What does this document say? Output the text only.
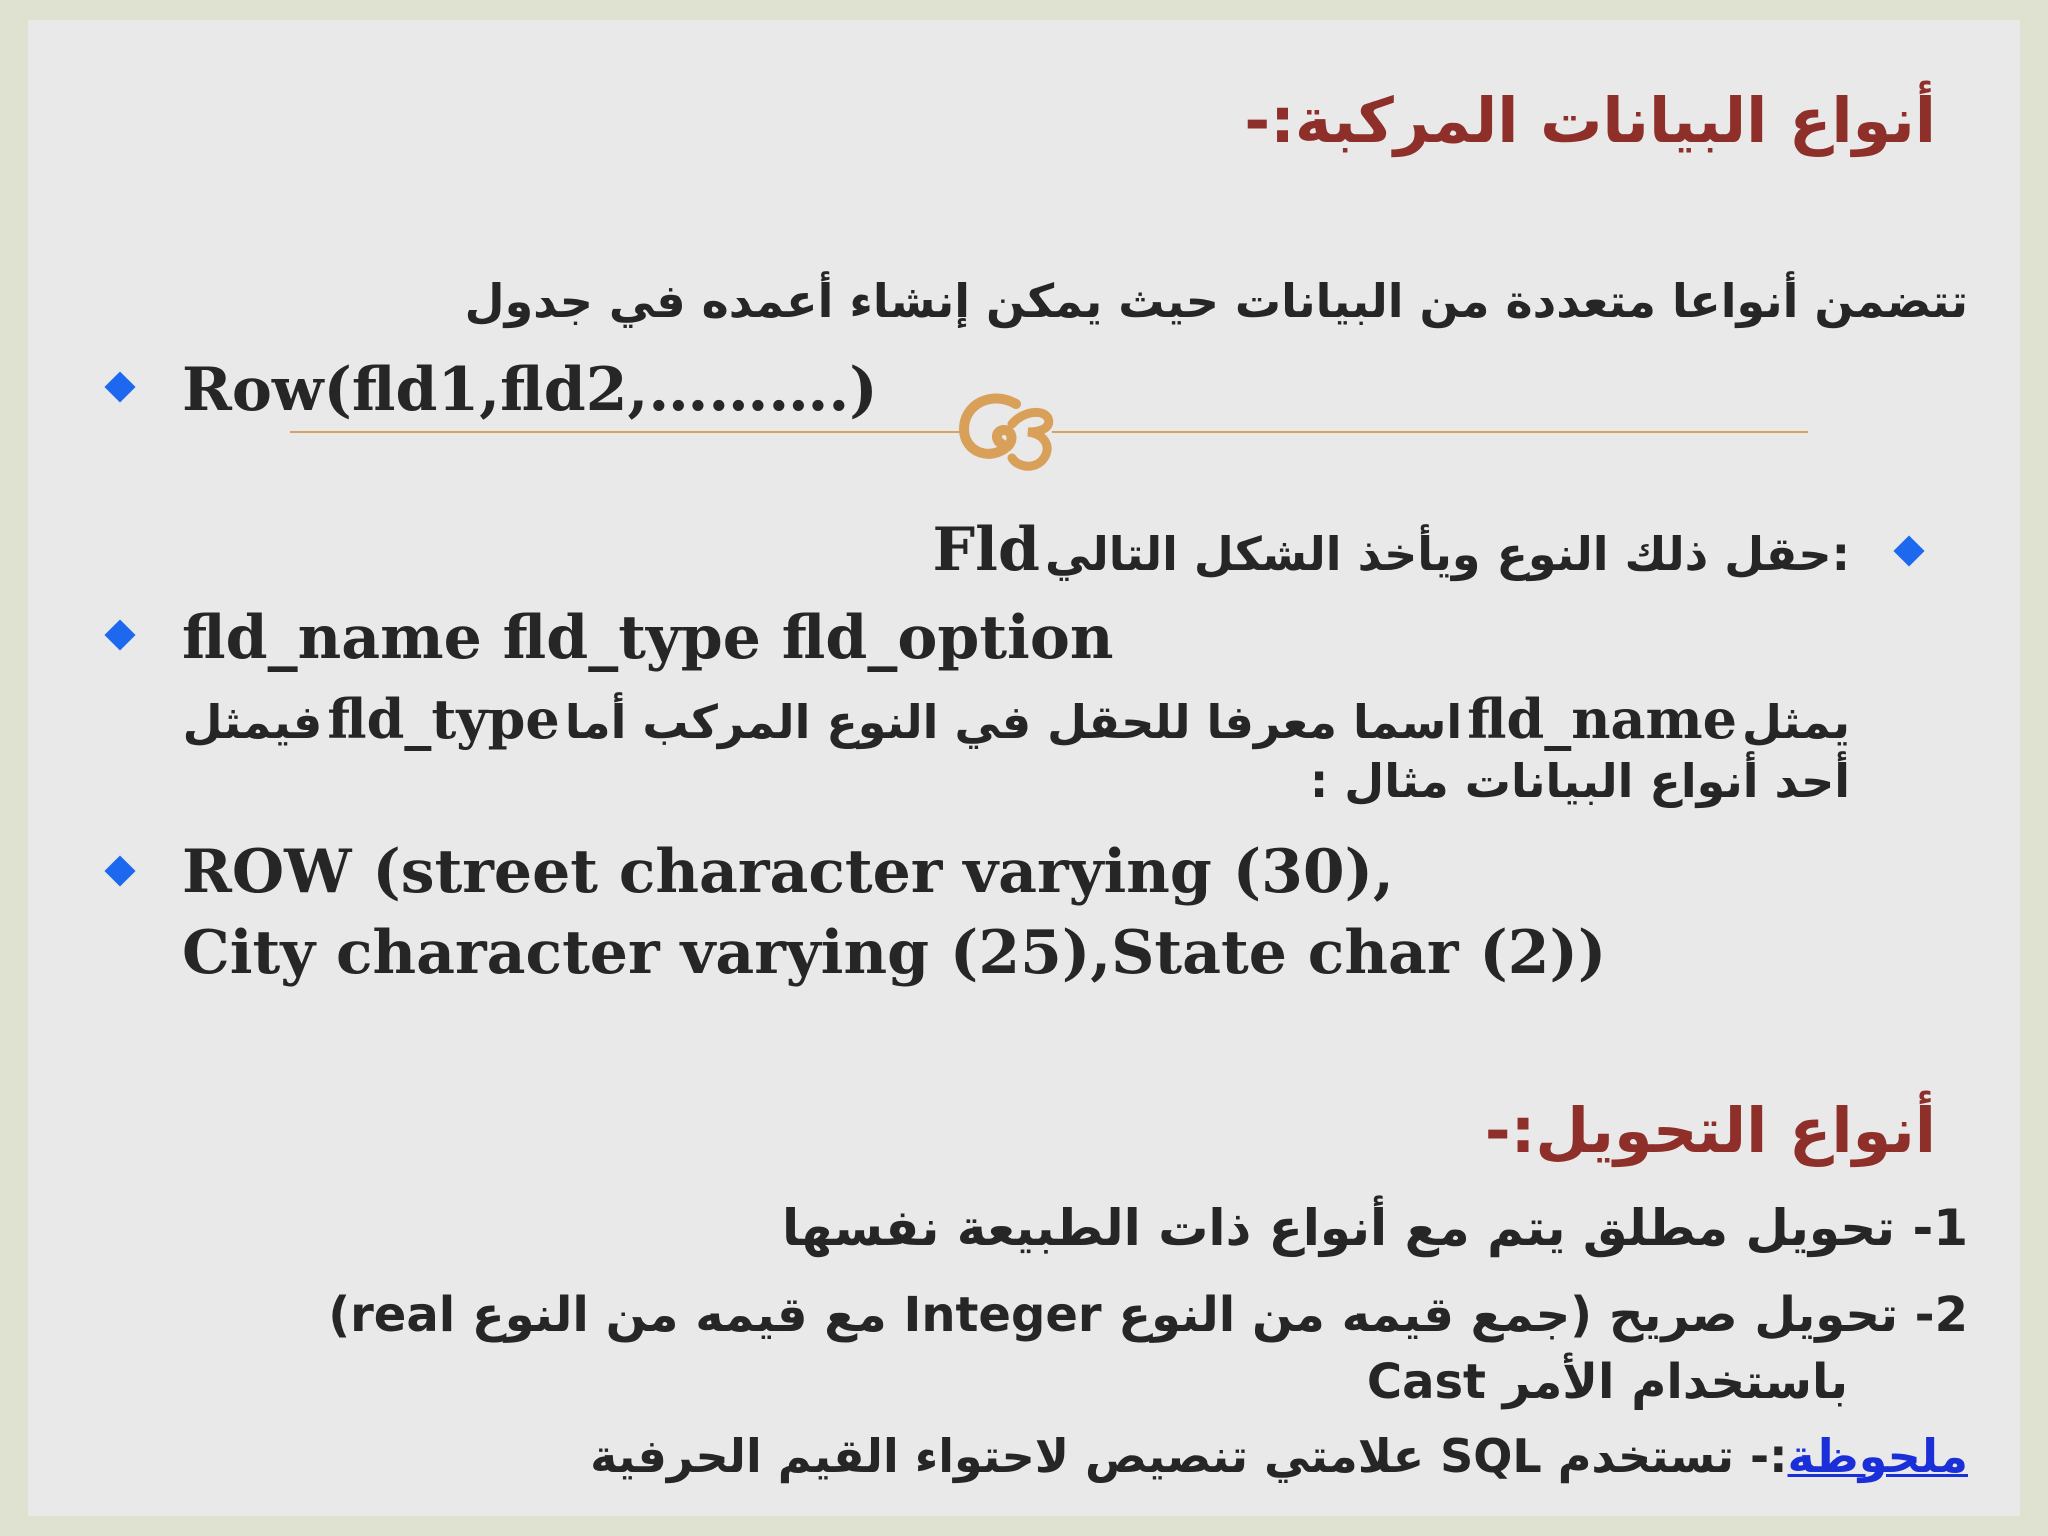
أنواع البيانات المركبة:-
تتضمن أنواعا متعددة من البيانات حيث يمكن إنشاء أعمده في جدول
Row(fld1,fld2,……….)
Fld حقل ذلك النوع ويأخذ الشكل التالي:
fld_name fld_type fld_option
يمثل fld_name اسما معرفا للحقل في النوع المركب أما fld_type فيمثل
أحد أنواع البيانات مثال :
ROW (street character varying (30),
City character varying (25),State char (2))
أنواع التحويل:-
1- تحويل مطلق يتم مع أنواع ذات الطبيعة نفسها
2- تحويل صريح (جمع قيمه من النوع Integer مع قيمه من النوع real)
باستخدام الأمر Cast
ملحوظة:- تستخدم SQL علامتي تنصيص لاحتواء القيم الحرفية
